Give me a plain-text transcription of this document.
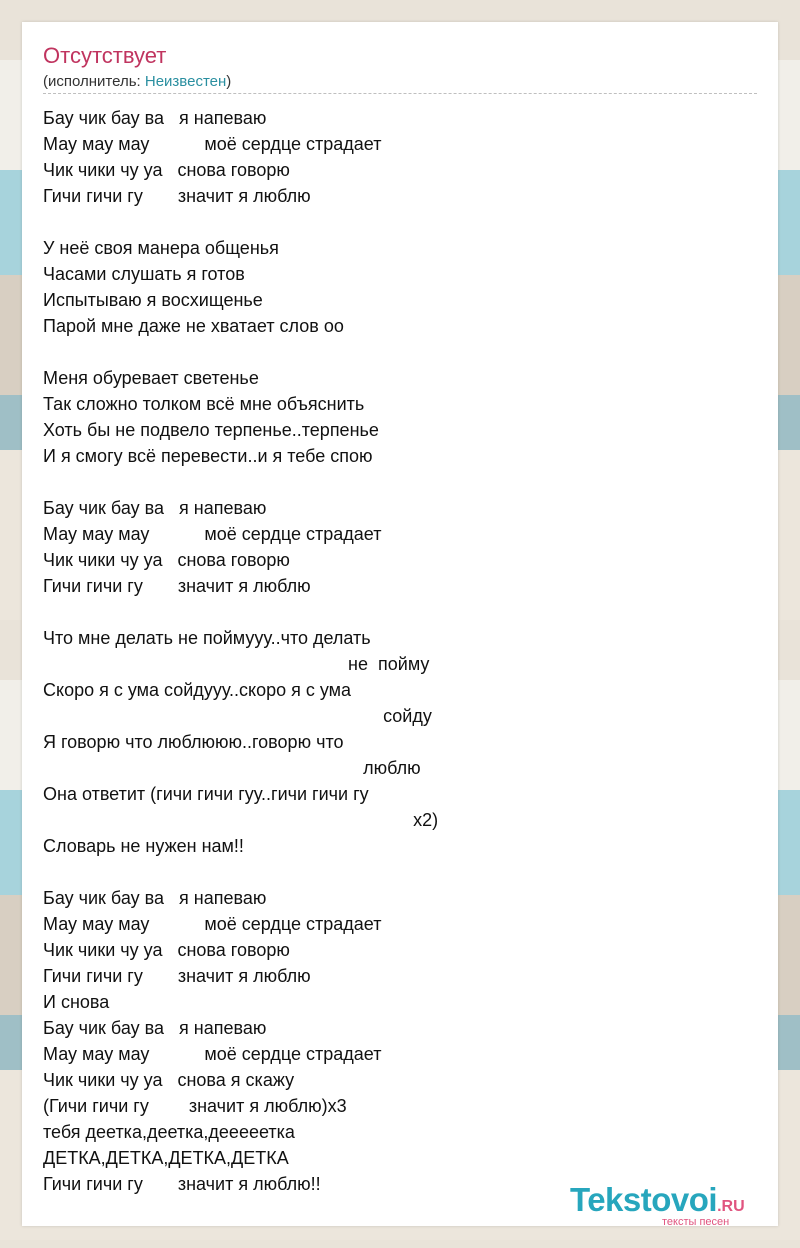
Отсутствует
(исполнитель: Неизвестен)
Бау чик бау ва   я напеваю
Мау мау мау           моё сердце страдает
Чик чики чу уа   снова говорю
Гичи гичи гу       значит я люблю

У неё своя манера общенья
Часами слушать я готов
Испытываю я восхищенье
Парой мне даже не хватает слов оо

Меня обуревает светенье
Так сложно толком всё мне объяснить
Хоть бы не подвело терпенье..терпенье
И я смогу всё перевести..и я тебе спою

Бау чик бау ва   я напеваю
Мау мау мау           моё сердце страдает
Чик чики чу уа   снова говорю
Гичи гичи гу       значит я люблю

Что мне делать не поймууу..что делать
не  пойму
Скоро я с ума сойдууу..скоро я с ума
сойду
Я говорю что люблююю..говорю что
люблю
Она ответит (гичи гичи гуу..гичи гичи гу
x2)
Словарь не нужен нам!!

Бау чик бау ва   я напеваю
Мау мау мау           моё сердце страдает
Чик чики чу уа   снова говорю
Гичи гичи гу       значит я люблю
И снова
Бау чик бау ва   я напеваю
Мау мау мау           моё сердце страдает
Чик чики чу уа   снова я скажу
(Гичи гичи гу        значит я люблю)x3
тебя деетка,деетка,деееeетка
ДЕТКА,ДЕТКА,ДЕТКА,ДЕТКА
Гичи гичи гу       значит я люблю!!	Tekstovoi.RU
тексты песен
